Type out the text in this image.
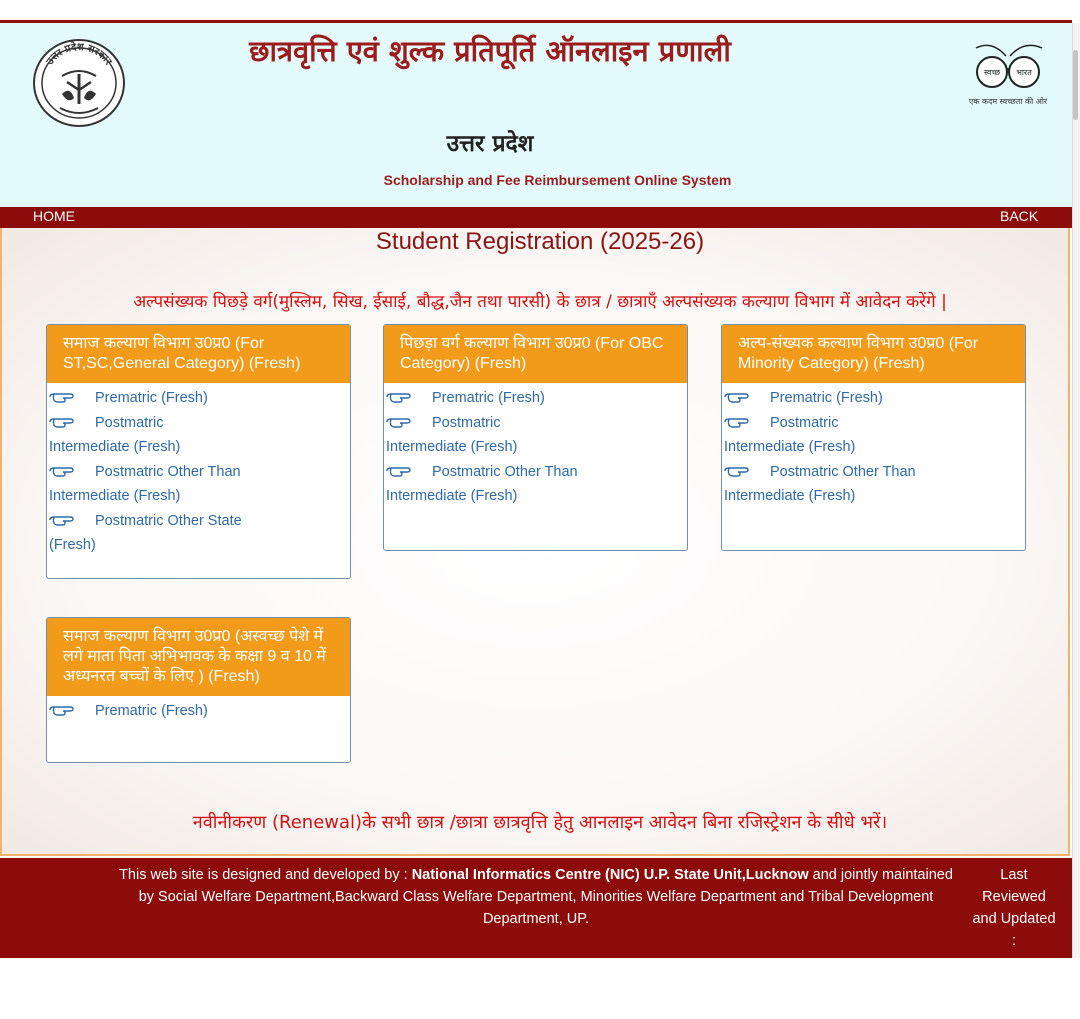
उत्तर प्रदेश सरकार	छात्रवृत्ति एवं शुल्क प्रतिपूर्ति ऑनलाइन प्रणाली
उत्तर प्रदेश
Scholarship and Fee Reimbursement Online System
स्वच्छ भारत
एक कदम स्वच्छता की ओर
HOME	BACK
Student Registration (2025-26)
अल्पसंख्यक पिछड़े वर्ग(मुस्लिम, सिख, ईसाई, बौद्ध,जैन तथा पारसी) के छात्र / छात्राएँ अल्पसंख्यक कल्याण विभाग में आवेदन करेंगे |
समाज कल्याण विभाग उ0प्र0 (For ST,SC,General Category) (Fresh)
Prematric (Fresh)
Postmatric
Intermediate (Fresh)
Postmatric Other Than
Intermediate (Fresh)
Postmatric Other State
(Fresh)
पिछड़ा वर्ग कल्याण विभाग उ0प्र0 (For OBC Category) (Fresh)
Prematric (Fresh)
Postmatric
Intermediate (Fresh)
Postmatric Other Than
Intermediate (Fresh)
अल्प-संख्यक कल्याण विभाग उ0प्र0 (For Minority Category) (Fresh)
Prematric (Fresh)
Postmatric
Intermediate (Fresh)
Postmatric Other Than
Intermediate (Fresh)
समाज कल्याण विभाग उ0प्र0 (अस्वच्छ पेशे में लगे माता पिता अभिभावक के कक्षा 9 व 10 में अध्यनरत बच्चों के लिए ) (Fresh)
Prematric (Fresh)
नवीनीकरण (Renewal)के सभी छात्र /छात्रा छात्रवृत्ति हेतु आनलाइन आवेदन बिना रजिस्ट्रेशन के सीधे भरें।
This web site is designed and developed by : National Informatics Centre (NIC) U.P. State Unit,Lucknow and jointly maintained by Social Welfare Department,Backward Class Welfare Department, Minorities Welfare Department and Tribal Development Department, UP.
Last Reviewed and Updated :
